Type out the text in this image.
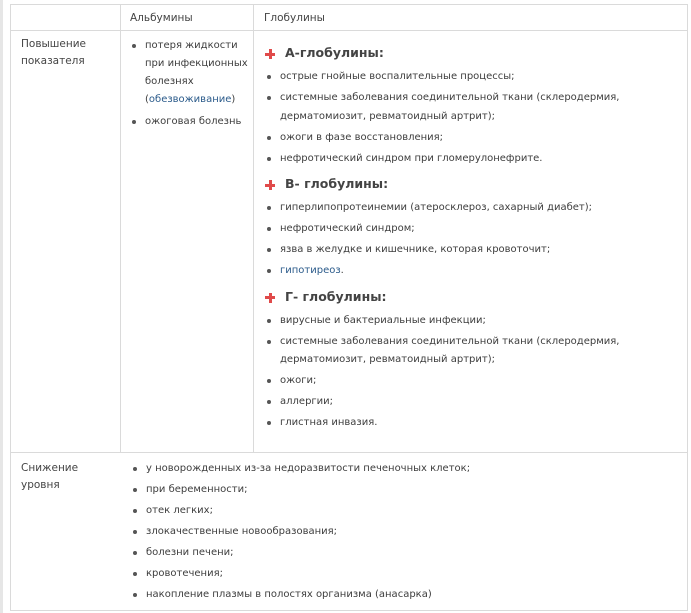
Альбумины	Глобулины
Повышение показателя
потеря жидкости при инфекционных болезнях (обезвоживание)
ожоговая болезнь
А-глобулины:
острые гнойные воспалительные процессы;
системные заболевания соединительной ткани (склеродермия, дерматомиозит, ревматоидный артрит);
ожоги в фазе восстановления;
нефротический синдром при гломерулонефрите.
В- глобулины:
гиперлипопротеинемии (атеросклероз, сахарный диабет);
нефротический синдром;
язва в желудке и кишечнике, которая кровоточит;
гипотиреоз.
Г- глобулины:
вирусные и бактериальные инфекции;
системные заболевания соединительной ткани (склеродермия, дерматомиозит, ревматоидный артрит);
ожоги;
аллергии;
глистная инвазия.
Снижение уровня
у новорожденных из-за недоразвитости печеночных клеток;
при беременности;
отек легких;
злокачественные новообразования;
болезни печени;
кровотечения;
накопление плазмы в полостях организма (анасарка)
